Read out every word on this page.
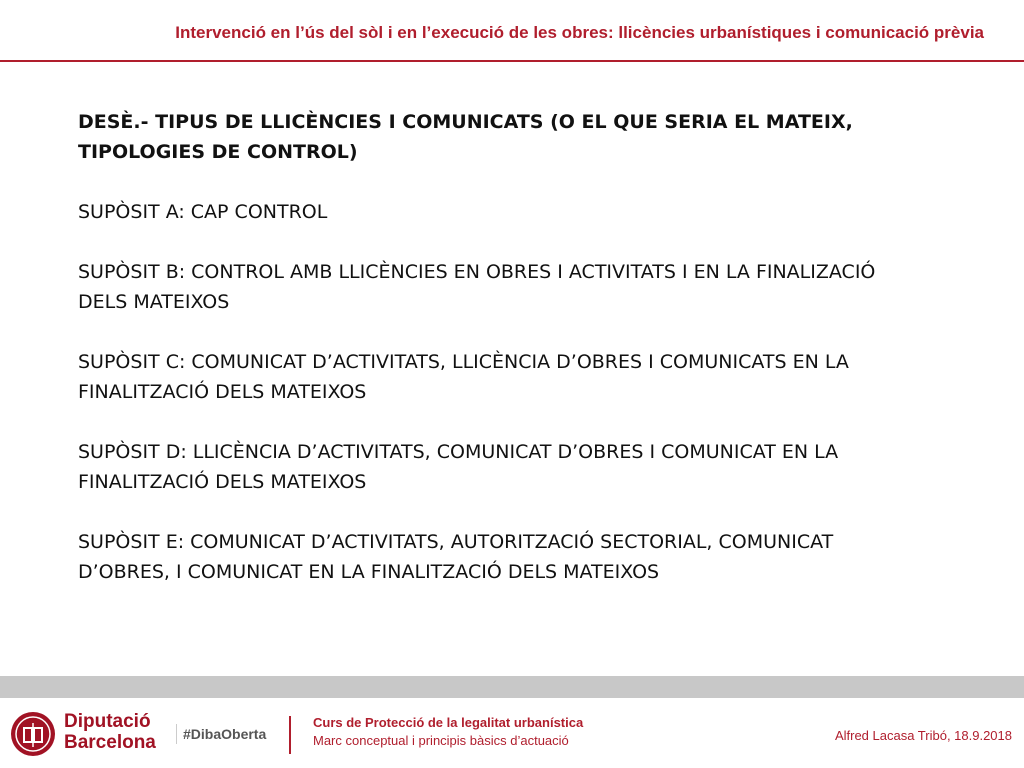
Intervenció en l’ús del sòl i en l’execució de les obres: llicències urbanístiques i comunicació prèvia

DESÈ.- TIPUS DE LLICÈNCIES I COMUNICATS (O EL QUE SERIA EL MATEIX, TIPOLOGIES DE CONTROL)

SUPÒSIT A: CAP CONTROL

SUPÒSIT B: CONTROL AMB LLICÈNCIES EN OBRES I ACTIVITATS I EN LA FINALIZACIÓ DELS MATEIXOS

SUPÒSIT C: COMUNICAT D’ACTIVITATS, LLICÈNCIA D’OBRES I COMUNICATS EN LA FINALITZACIÓ DELS MATEIXOS

SUPÒSIT D: LLICÈNCIA D’ACTIVITATS, COMUNICAT D’OBRES I COMUNICAT EN LA FINALITZACIÓ DELS MATEIXOS

SUPÒSIT E: COMUNICAT D’ACTIVITATS, AUTORITZACIÓ SECTORIAL, COMUNICAT D’OBRES, I COMUNICAT EN LA FINALITZACIÓ DELS MATEIXOS

Diputació
Barcelona	#DibaOberta
Curs de Protecció de la legalitat urbanística
Marc conceptual i principis bàsics d’actuació	Alfred Lacasa Tribó, 18.9.2018
